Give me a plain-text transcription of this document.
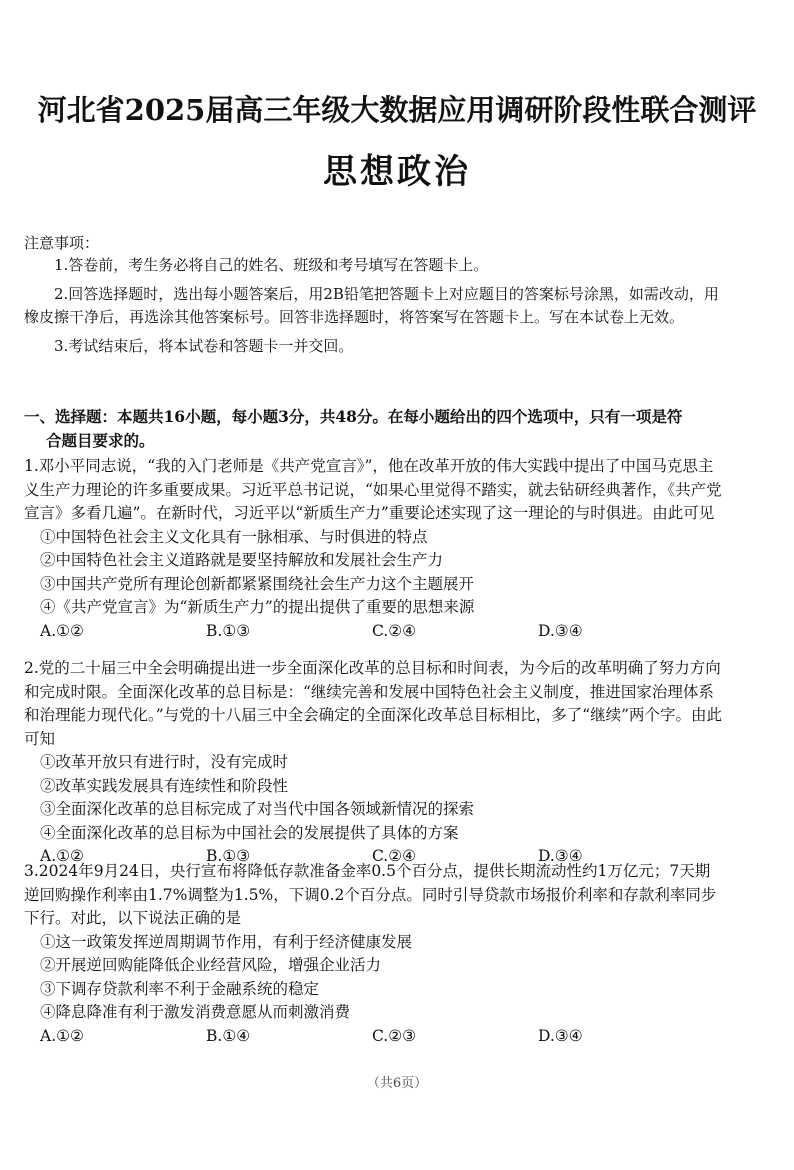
河北省2025届高三年级大数据应用调研阶段性联合测评
思想政治
注意事项：

1.答卷前，考生务必将自己的姓名、班级和考号填写在答题卡上。

2.回答选择题时，选出每小题答案后，用2B铅笔把答题卡上对应题目的答案标号涂黑，如需改动，用橡皮擦干净后，再选涂其他答案标号。回答非选择题时，将答案写在答题卡上。写在本试卷上无效。

3.考试结束后，将本试卷和答题卡一并交回。

一、选择题：本题共16小题，每小题3分，共48分。在每小题给出的四个选项中，只有一项是符
合题目要求的。
1.邓小平同志说，“我的入门老师是《共产党宣言》”，他在改革开放的伟大实践中提出了中国马克思主义生产力理论的许多重要成果。习近平总书记说，“如果心里觉得不踏实，就去钻研经典著作，《共产党宣言》多看几遍”。在新时代，习近平以“新质生产力”重要论述实现了这一理论的与时俱进。由此可见
①中国特色社会主义文化具有一脉相承、与时俱进的特点
②中国特色社会主义道路就是要坚持解放和发展社会生产力
③中国共产党所有理论创新都紧紧围绕社会生产力这个主题展开
④《共产党宣言》为“新质生产力”的提出提供了重要的思想来源
A.①②	B.①③	C.②④	D.③④
2.党的二十届三中全会明确提出进一步全面深化改革的总目标和时间表，为今后的改革明确了努力方向和完成时限。全面深化改革的总目标是：“继续完善和发展中国特色社会主义制度，推进国家治理体系和治理能力现代化。”与党的十八届三中全会确定的全面深化改革总目标相比，多了“继续”两个字。由此可知
①改革开放只有进行时，没有完成时
②改革实践发展具有连续性和阶段性
③全面深化改革的总目标完成了对当代中国各领域新情况的探索
④全面深化改革的总目标为中国社会的发展提供了具体的方案
A.①②	B.①③	C.②④	D.③④
3.2024年9月24日，央行宣布将降低存款准备金率0.5个百分点，提供长期流动性约1万亿元；7天期逆回购操作利率由1.7%调整为1.5%，下调0.2个百分点。同时引导贷款市场报价利率和存款利率同步下行。对此，以下说法正确的是
①这一政策发挥逆周期调节作用，有利于经济健康发展
②开展逆回购能降低企业经营风险，增强企业活力
③下调存贷款利率不利于金融系统的稳定
④降息降准有利于激发消费意愿从而刺激消费
A.①②	B.①④	C.②③	D.③④
（共6页）
